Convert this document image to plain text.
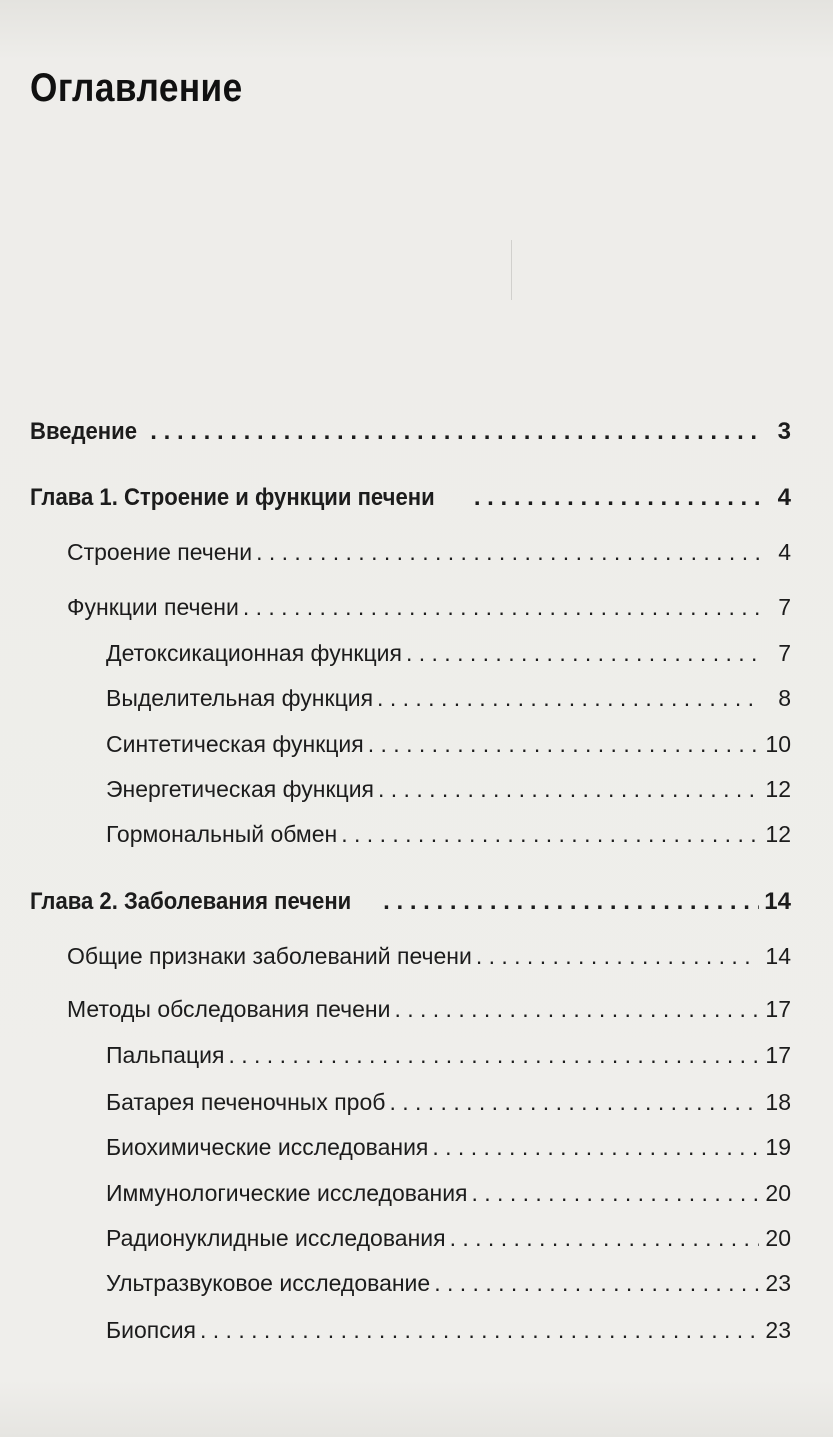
Оглавление
Введение . . .	3
Глава 1. Строение и функции печени . . .	4
Строение печени . . .	4
Функции печени . . .	7
Детоксикационная функция . . .	7
Выделительная функция . . .	8
Синтетическая функция . . .	10
Энергетическая функция . . .	12
Гормональный обмен . . .	12
Глава 2. Заболевания печени . . .	14
Общие признаки заболеваний печени . . .	14
Методы обследования печени . . .	17
Пальпация . . .	17
Батарея печеночных проб . . .	18
Биохимические исследования . . .	19
Иммунологические исследования . . .	20
Радионуклидные исследования . . .	20
Ультразвуковое исследование . . .	23
Биопсия . . .	23
